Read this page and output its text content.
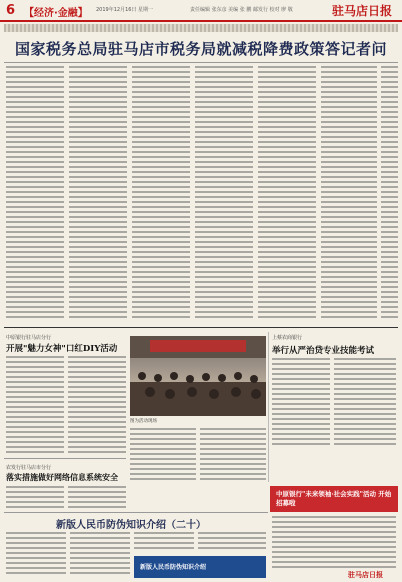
6 【经济·金融】 2019年12月16日 星期一	责任编辑 张东彦 美编 张 鹏 邮发行 校对 廖 敬	驻马店日报
国家税务总局驻马店市税务局就减税降费政策答记者问
中原银行驻马店分行
开展"魅力女神"口红DIY活动
图为活动现场
上蔡农商银行
举行从严治贷专业技能考试
农发行驻马店市分行
落实措施做好网络信息系统安全
中原银行"未来领袖·社会实践"活动 开始招募啦
新版人民币防伪知识介绍（二十）
新版人民币防伪知识介绍
驻马店日报
